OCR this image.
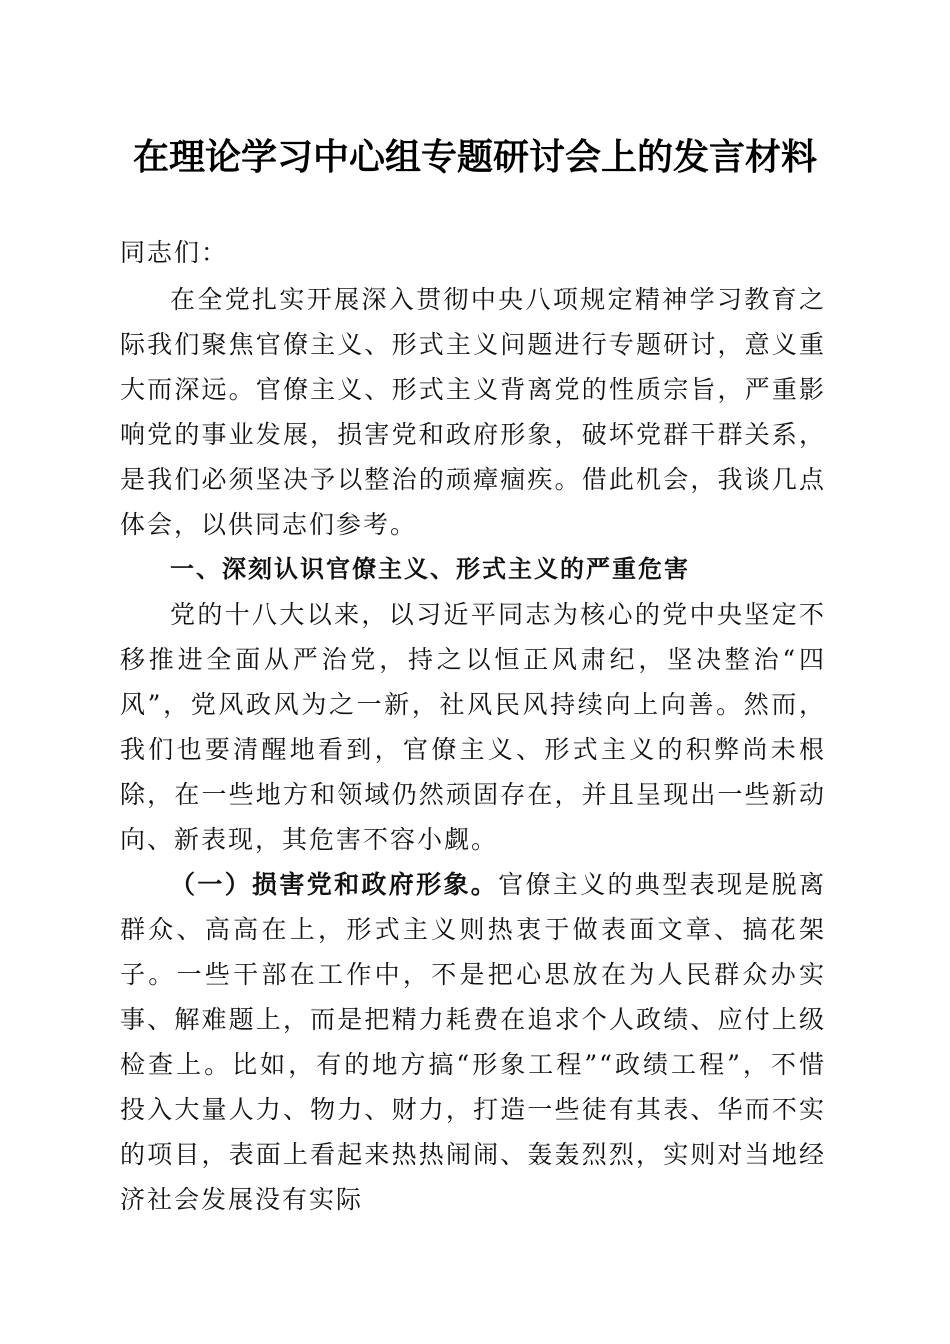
在理论学习中心组专题研讨会上的发言材料

同志们：

在全党扎实开展深入贯彻中央八项规定精神学习教育之际我们聚焦官僚主义、形式主义问题进行专题研讨，意义重大而深远。官僚主义、形式主义背离党的性质宗旨，严重影响党的事业发展，损害党和政府形象，破坏党群干群关系，是我们必须坚决予以整治的顽瘴痼疾。借此机会，我谈几点体会，以供同志们参考。

一、深刻认识官僚主义、形式主义的严重危害

党的十八大以来，以习近平同志为核心的党中央坚定不移推进全面从严治党，持之以恒正风肃纪，坚决整治“四风”，党风政风为之一新，社风民风持续向上向善。然而，我们也要清醒地看到，官僚主义、形式主义的积弊尚未根除，在一些地方和领域仍然顽固存在，并且呈现出一些新动向、新表现，其危害不容小觑。

（一）损害党和政府形象。官僚主义的典型表现是脱离群众、高高在上，形式主义则热衷于做表面文章、搞花架子。一些干部在工作中，不是把心思放在为人民群众办实事、解难题上，而是把精力耗费在追求个人政绩、应付上级检查上。比如，有的地方搞“形象工程”“政绩工程”，不惜投入大量人力、物力、财力，打造一些徒有其表、华而不实的项目，表面上看起来热热闹闹、轰轰烈烈，实则对当地经济社会发展没有实际
